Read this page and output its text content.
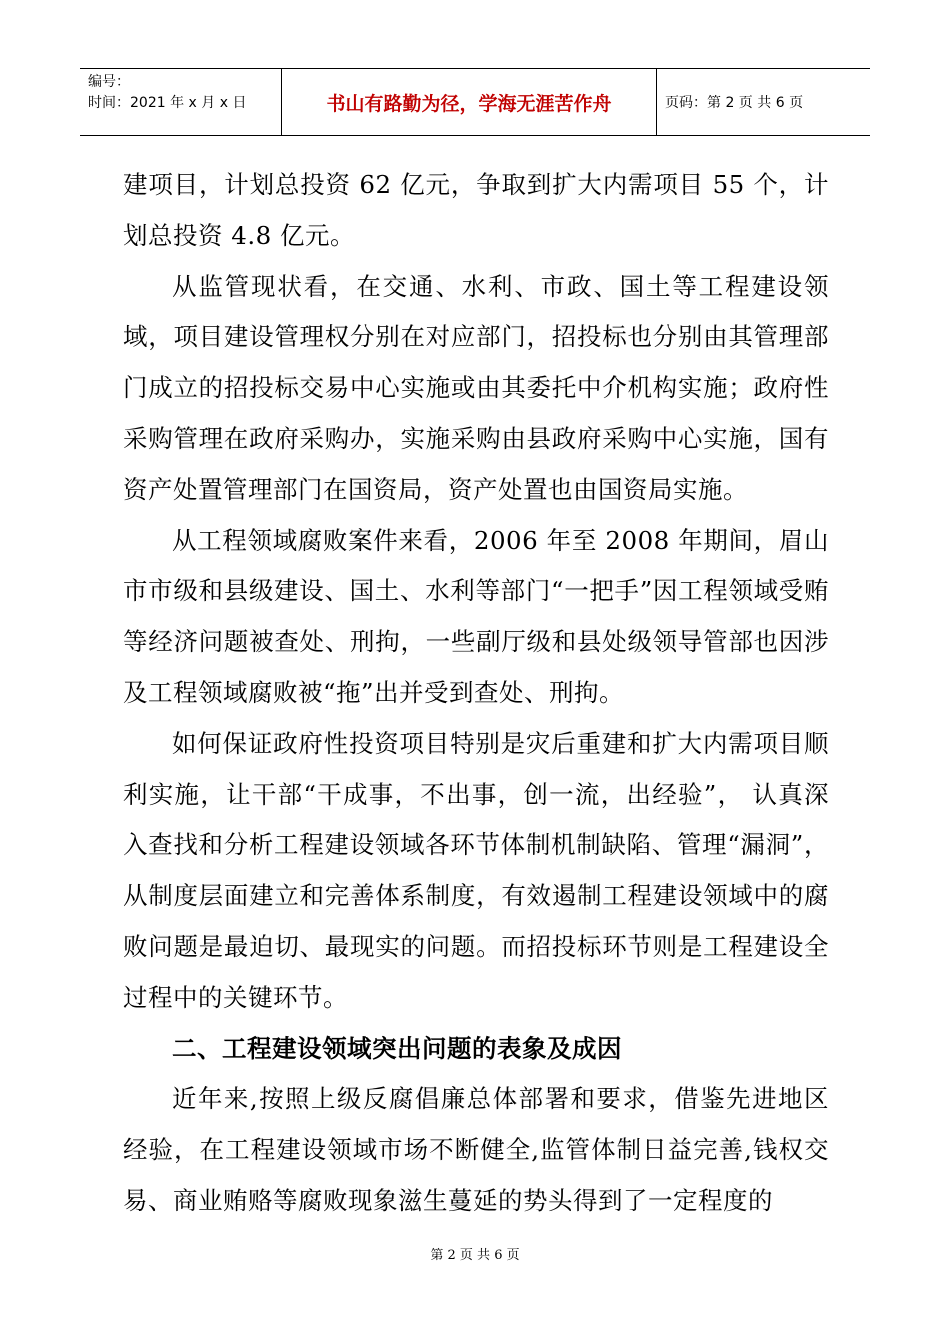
编号：
时间：2021 年 x 月 x 日	书山有路勤为径，学海无涯苦作舟	页码：第 2 页 共 6 页

建项目，计划总投资 62 亿元，争取到扩大内需项目 55 个，计划总投资 4.8 亿元。

从监管现状看，在交通、水利、市政、国土等工程建设领域，项目建设管理权分别在对应部门，招投标也分别由其管理部门成立的招投标交易中心实施或由其委托中介机构实施；政府性采购管理在政府采购办，实施采购由县政府采购中心实施，国有资产处置管理部门在国资局，资产处置也由国资局实施。

从工程领域腐败案件来看，2006 年至 2008 年期间，眉山市市级和县级建设、国土、水利等部门“一把手”因工程领域受贿等经济问题被查处、刑拘，一些副厅级和县处级领导管部也因涉及工程领域腐败被“拖”出并受到查处、刑拘。

如何保证政府性投资项目特别是灾后重建和扩大内需项目顺利实施，让干部“干成事，不出事，创一流，出经验”， 认真深入查找和分析工程建设领域各环节体制机制缺陷、管理“漏洞”，从制度层面建立和完善体系制度，有效遏制工程建设领域中的腐败问题是最迫切、最现实的问题。而招投标环节则是工程建设全过程中的关键环节。

二、工程建设领域突出问题的表象及成因

近年来,按照上级反腐倡廉总体部署和要求，借鉴先进地区经验，在工程建设领域市场不断健全,监管体制日益完善,钱权交易、商业贿赂等腐败现象滋生蔓延的势头得到了一定程度的

第 2 页 共 6 页
